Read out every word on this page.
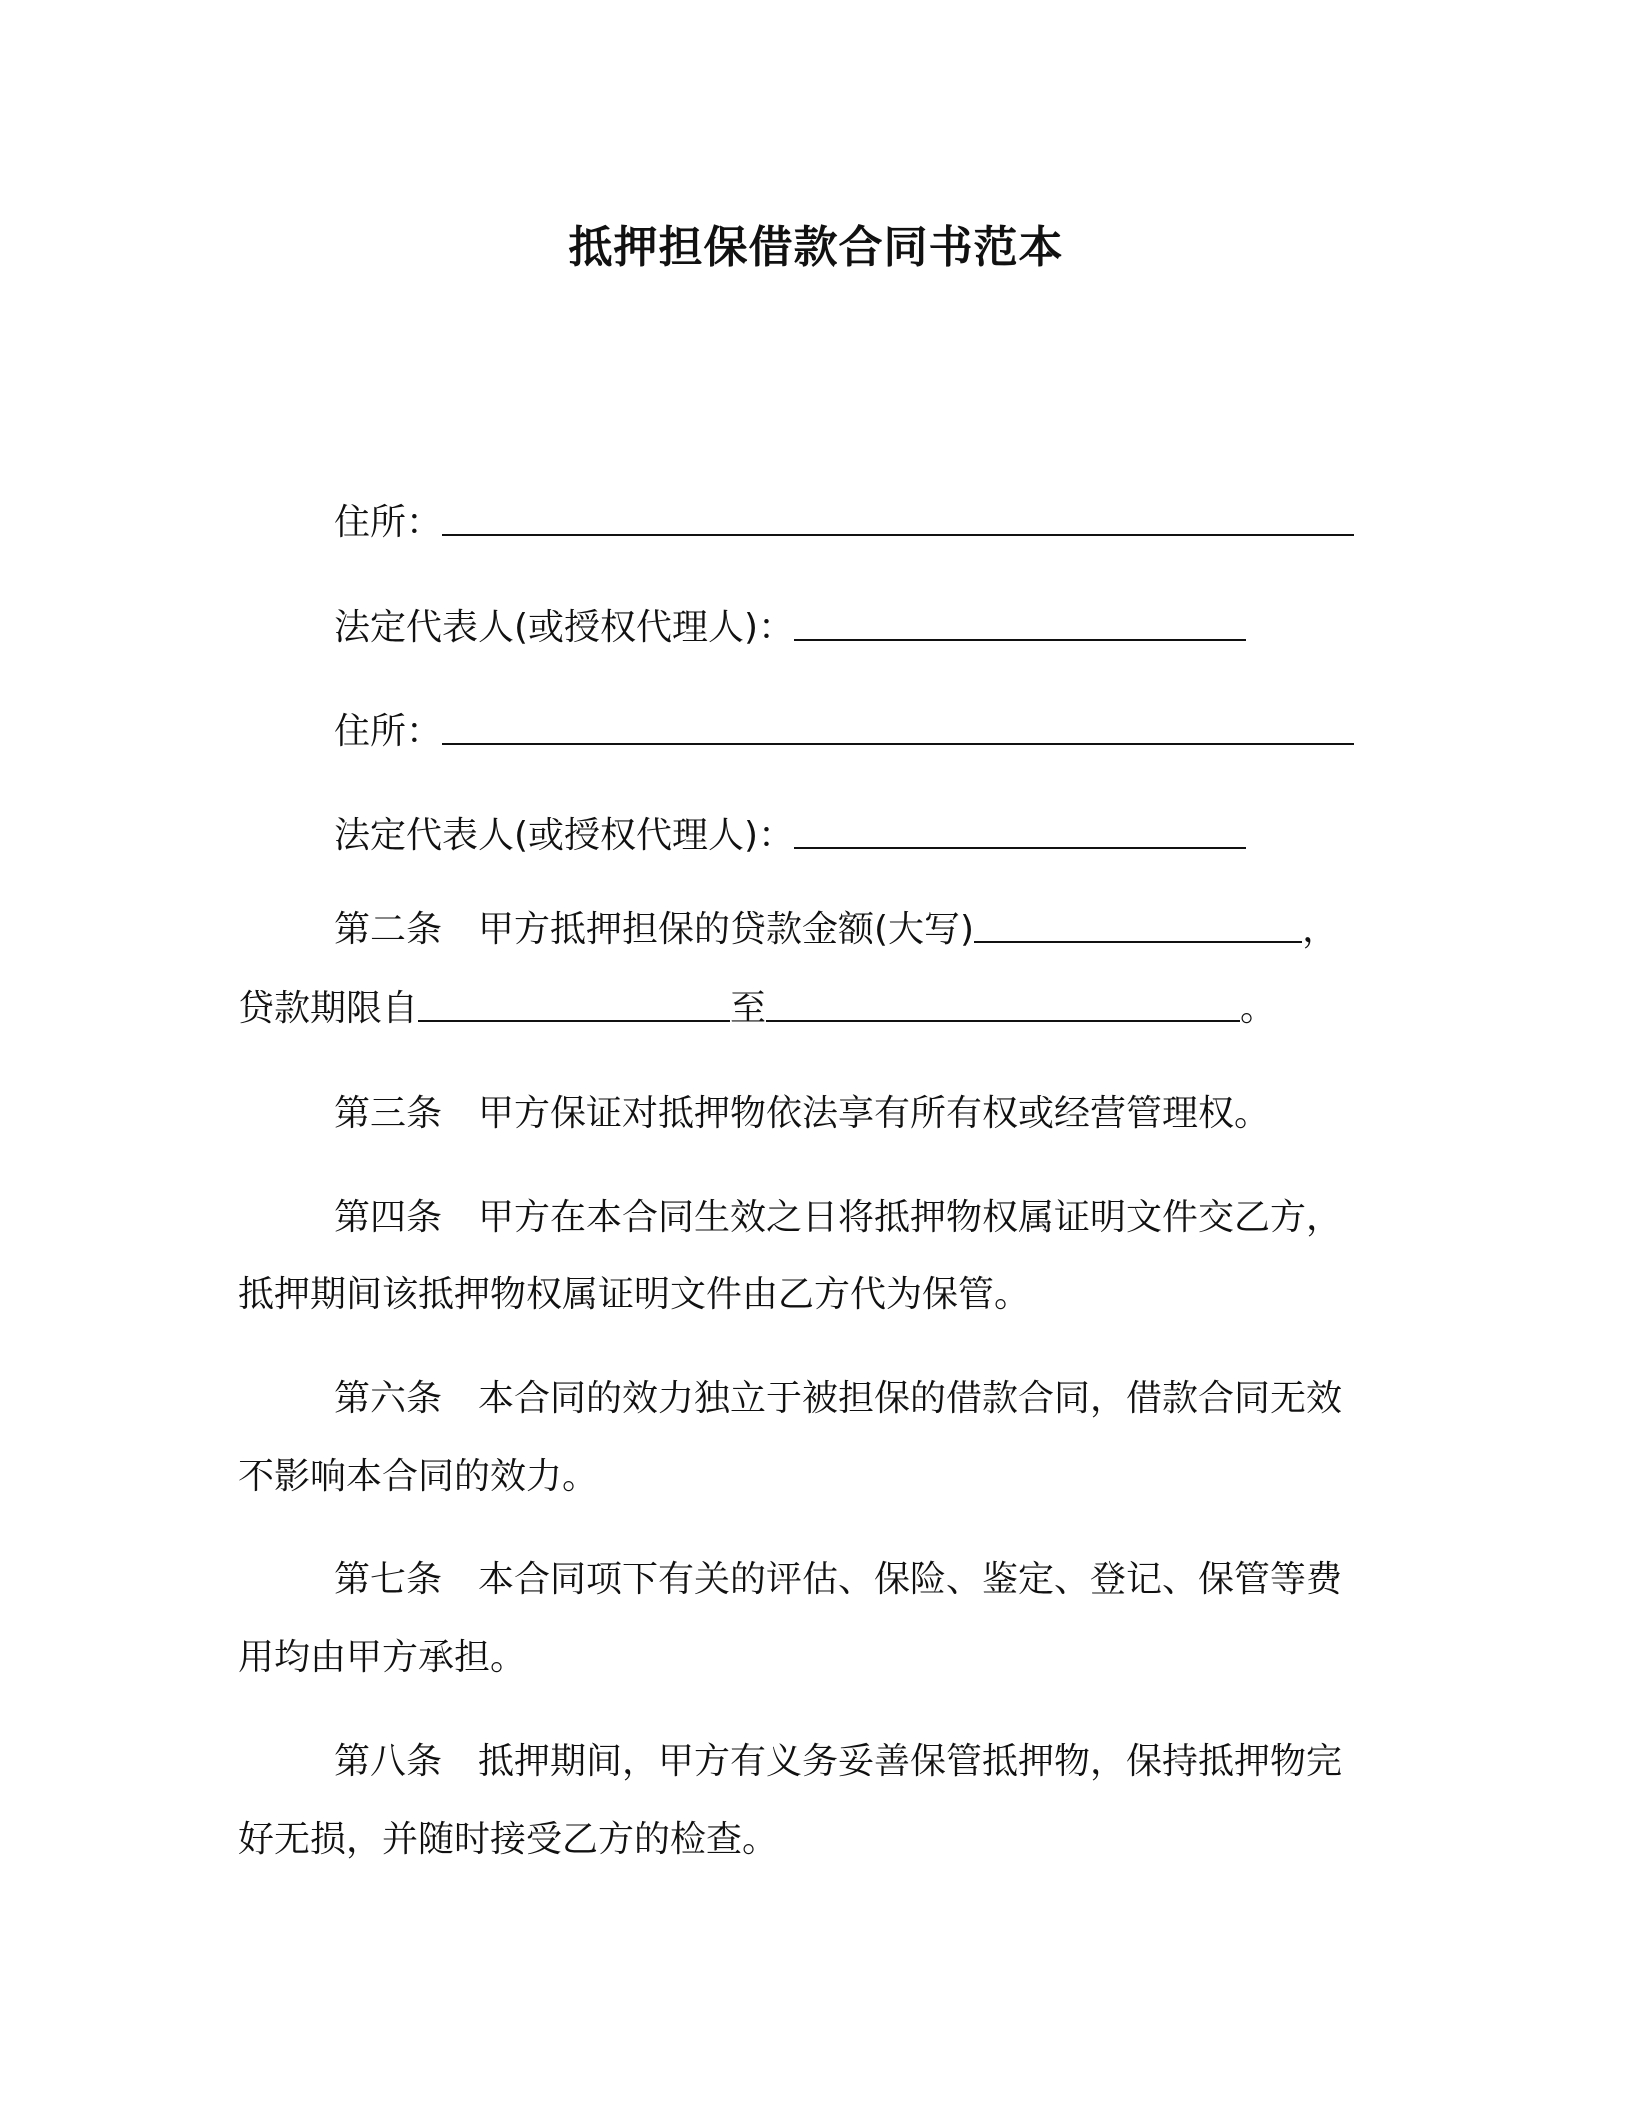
抵押担保借款合同书范本
住所：
法定代表人(或授权代理人)：
住所：
法定代表人(或授权代理人)：
第二条 甲方抵押担保的贷款金额(大写)	，
贷款期限自	至	。
第三条 甲方保证对抵押物依法享有所有权或经营管理权。
第四条 甲方在本合同生效之日将抵押物权属证明文件交乙方，
抵押期间该抵押物权属证明文件由乙方代为保管。
第六条 本合同的效力独立于被担保的借款合同，借款合同无效
不影响本合同的效力。
第七条 本合同项下有关的评估、保险、鉴定、登记、保管等费
用均由甲方承担。
第八条 抵押期间，甲方有义务妥善保管抵押物，保持抵押物完
好无损，并随时接受乙方的检查。
